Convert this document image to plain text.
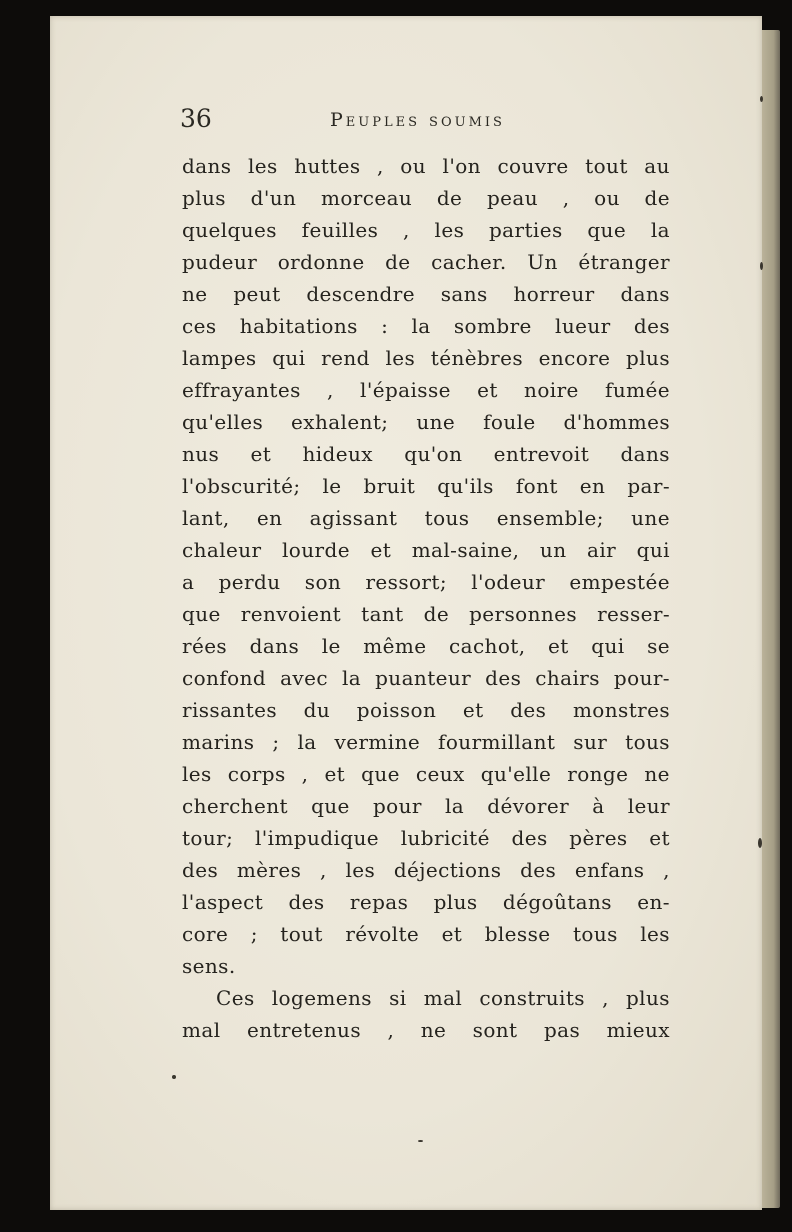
36	Peuples soumis
dans les huttes , ou l'on couvre tout au
plus d'un morceau de peau , ou de
quelques feuilles , les parties que la
pudeur ordonne de cacher. Un étranger
ne peut descendre sans horreur dans
ces habitations : la sombre lueur des
lampes qui rend les ténèbres encore plus
effrayantes , l'épaisse et noire fumée
qu'elles exhalent; une foule d'hommes
nus et hideux qu'on entrevoit dans
l'obscurité; le bruit qu'ils font en par-
lant, en agissant tous ensemble; une
chaleur lourde et mal-saine, un air qui
a perdu son ressort; l'odeur empestée
que renvoient tant de personnes resser-
rées dans le même cachot, et qui se
confond avec la puanteur des chairs pour-
rissantes du poisson et des monstres
marins ; la vermine fourmillant sur tous
les corps , et que ceux qu'elle ronge ne
cherchent que pour la dévorer à leur
tour; l'impudique lubricité des pères et
des mères , les déjections des enfans ,
l'aspect des repas plus dégoûtans en-
core ; tout révolte et blesse tous les
sens.
Ces logemens si mal construits , plus
mal entretenus , ne sont pas mieux
